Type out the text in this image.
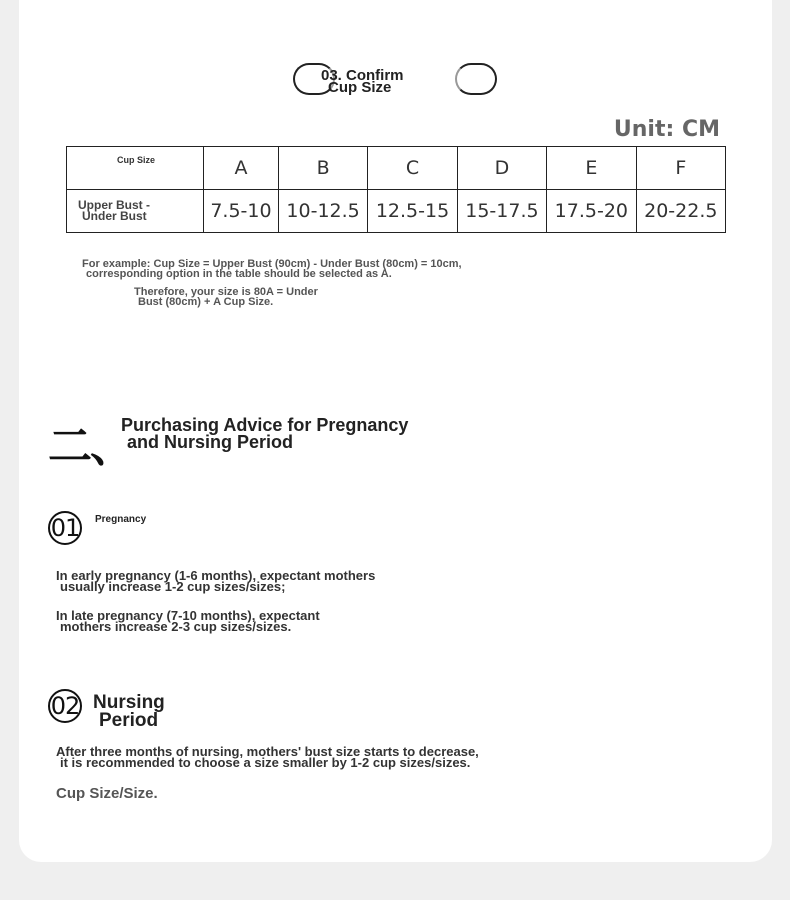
03. Confirm
Cup Size
Unit: CM
Cup Size	A	B	C	D	E	F
Upper Bust -
Under Bust	7.5-10	10-12.5	12.5-15	15-17.5	17.5-20	20-22.5

For example: Cup Size = Upper Bust (90cm) - Under Bust (80cm) = 10cm,

corresponding option in the table should be selected as A.

Therefore, your size is 80A = Under

Bust (80cm) + A Cup Size.

二、
Purchasing Advice for Pregnancy
and Nursing Period
01 Pregnancy

In early pregnancy (1-6 months), expectant mothers

usually increase 1-2 cup sizes/sizes;

In late pregnancy (7-10 months), expectant

mothers increase 2-3 cup sizes/sizes.

02 Nursing
Period

After three months of nursing, mothers' bust size starts to decrease,

it is recommended to choose a size smaller by 1-2 cup sizes/sizes.

Cup Size/Size.
